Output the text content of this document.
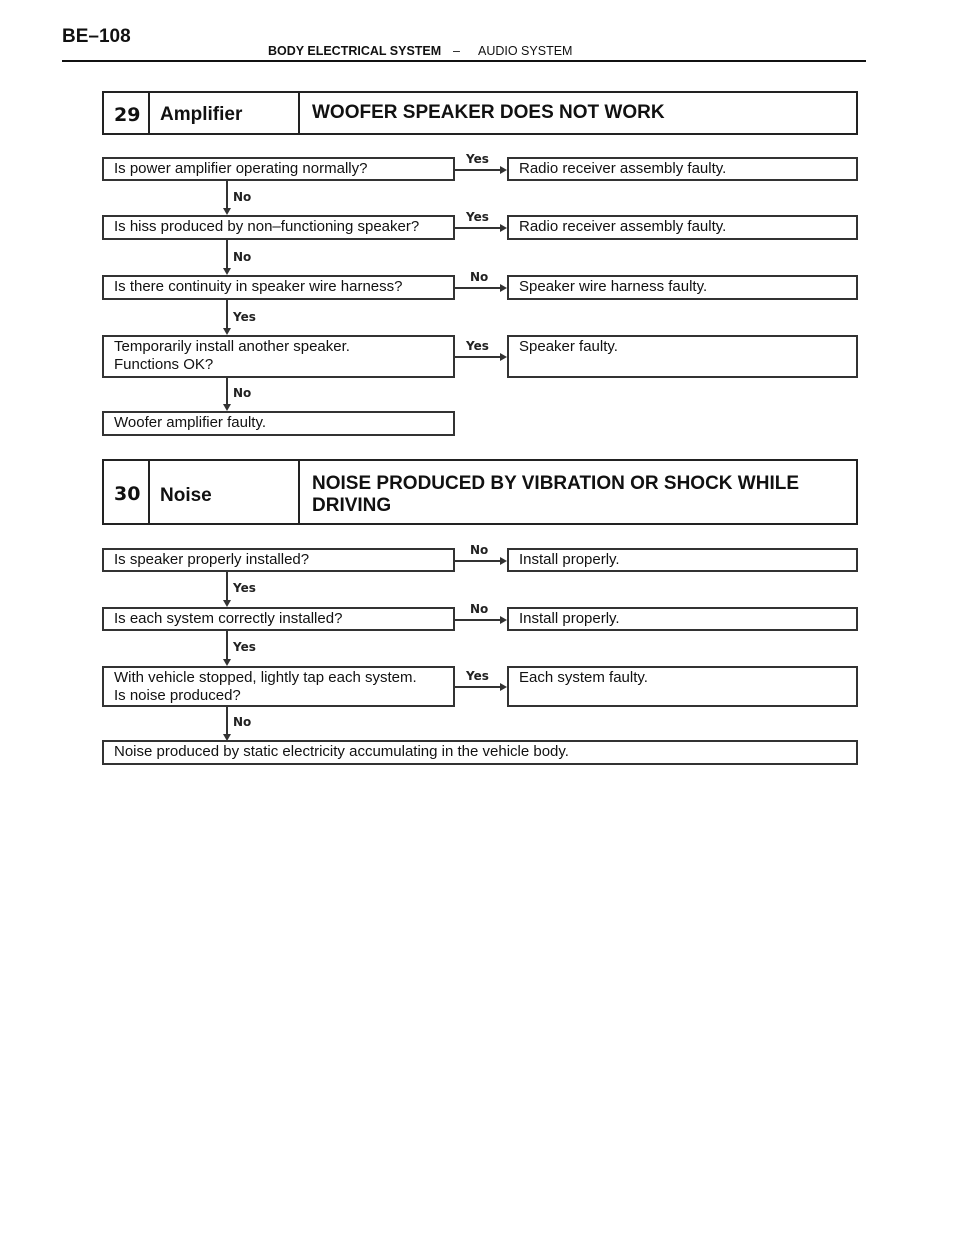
BE–108
BODY ELECTRICAL SYSTEM – AUDIO SYSTEM
29 Amplifier	WOOFER SPEAKER DOES NOT WORK
Is power amplifier operating normally?
Yes
Radio receiver assembly faulty.
No
Is hiss produced by non–functioning speaker?
Yes
Radio receiver assembly faulty.
No
Is there continuity in speaker wire harness?
No
Speaker wire harness faulty.
Yes
Temporarily install another speaker.
Functions OK?
Yes	Speaker faulty.
No
Woofer amplifier faulty.
30 Noise
NOISE PRODUCED BY VIBRATION OR SHOCK WHILE
DRIVING
Is speaker properly installed?
No
Install properly.
Yes
Is each system correctly installed?
No
Install properly.
Yes
With vehicle stopped, lightly tap each system.
Is noise produced?
Yes	Each system faulty.
No
Noise produced by static electricity accumulating in the vehicle body.
